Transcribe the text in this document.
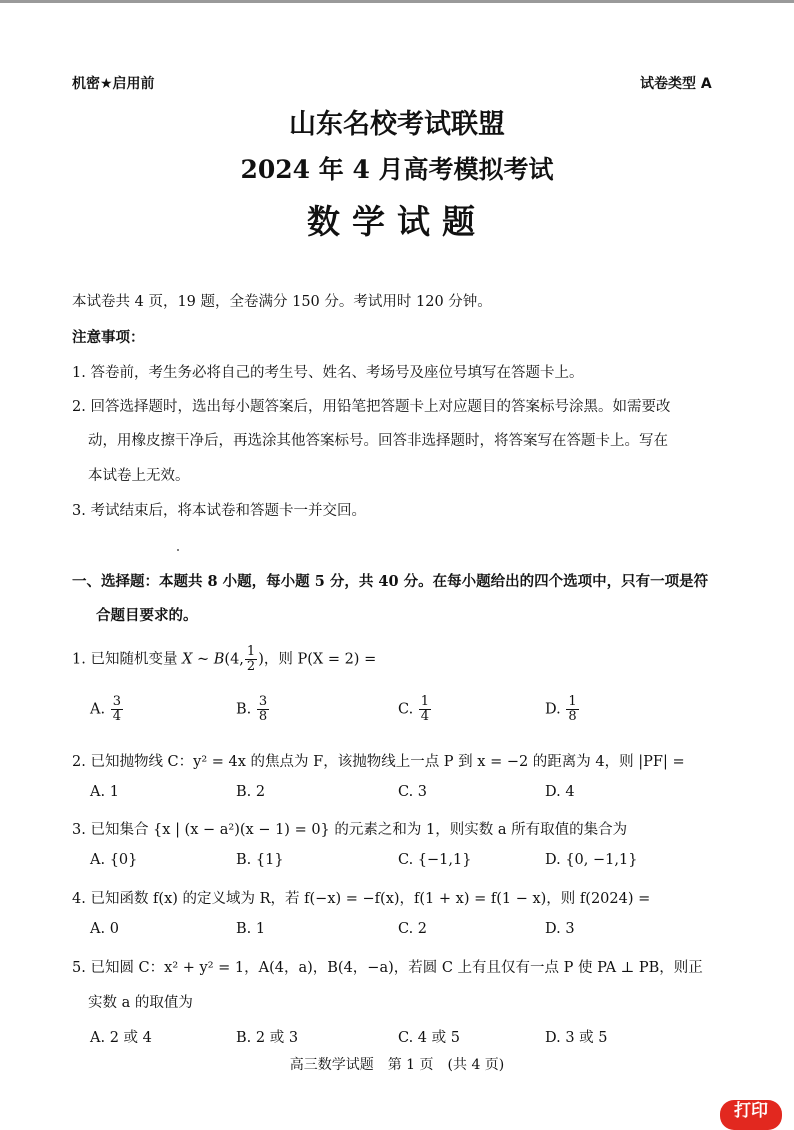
机密★启用前	试卷类型 A
山东名校考试联盟
2024 年 4 月高考模拟考试
数学试题
本试卷共 4 页，19 题，全卷满分 150 分。考试用时 120 分钟。
注意事项：
1. 答卷前，考生务必将自己的考生号、姓名、考场号及座位号填写在答题卡上。
2. 回答选择题时，选出每小题答案后，用铅笔把答题卡上对应题目的答案标号涂黑。如需要改
动，用橡皮擦干净后，再选涂其他答案标号。回答非选择题时，将答案写在答题卡上。写在
本试卷上无效。
3. 考试结束后，将本试卷和答题卡一并交回。
一、选择题：本题共 8 小题，每小题 5 分，共 40 分。在每小题给出的四个选项中，只有一项是符
合题目要求的。
1. 已知随机变量 X ~ B(4, $\frac{1}{2}$ )，则 P(X = 2) =
A. $\frac{3}{4}$	B. $\frac{3}{8}$	C. $\frac{1}{4}$	D. $\frac{1}{8}$
2. 已知抛物线 C：y² = 4x 的焦点为 F，该抛物线上一点 P 到 x = −2 的距离为 4，则 |PF| =
A. 1	B. 2	C. 3	D. 4
3. 已知集合 {x | (x − a²)(x − 1) = 0} 的元素之和为 1，则实数 a 所有取值的集合为
A. {0}	B. {1}	C. {−1,1}	D. {0, −1,1}
4. 已知函数 f(x) 的定义域为 R，若 f(−x) = −f(x)，f(1 + x) = f(1 − x)，则 f(2024) =
A. 0	B. 1	C. 2	D. 3
5. 已知圆 C：x² + y² = 1，A(4，a)，B(4，−a)，若圆 C 上有且仅有一点 P 使 PA ⊥ PB，则正
实数 a 的取值为
A. 2 或 4	B. 2 或 3	C. 4 或 5	D. 3 或 5
高三数学试题　第 1 页　(共 4 页)
打印
